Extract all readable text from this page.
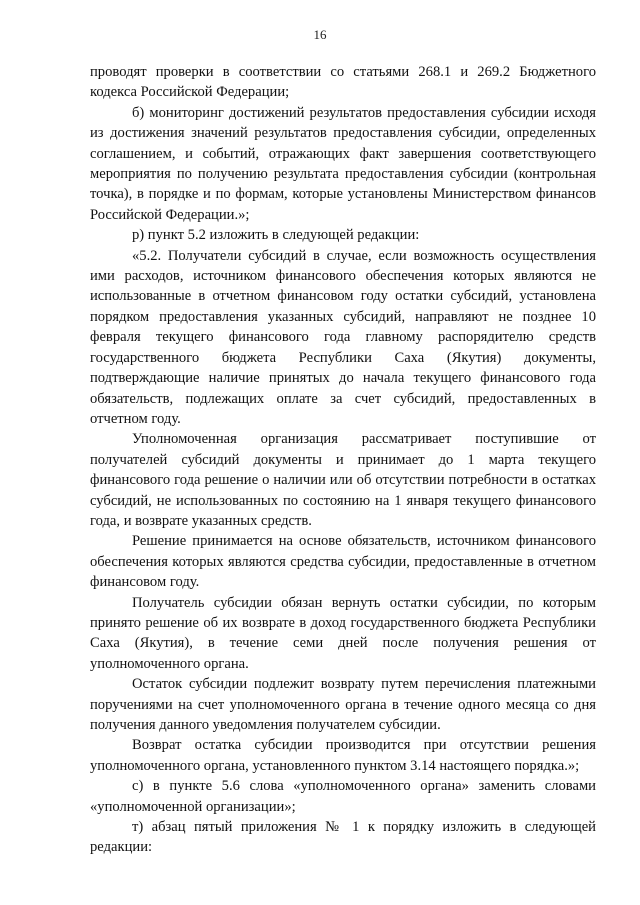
16

проводят проверки в соответствии со статьями 268.1 и 269.2 Бюджетного кодекса Российской Федерации;

б) мониторинг достижений результатов предоставления субсидии исходя из достижения значений результатов предоставления субсидии, определенных соглашением, и событий, отражающих факт завершения соответствующего мероприятия по получению результата предоставления субсидии (контрольная точка), в порядке и по формам, которые установлены Министерством финансов Российской Федерации.»;

р) пункт 5.2 изложить в следующей редакции:

«5.2. Получатели субсидий в случае, если возможность осуществления ими расходов, источником финансового обеспечения которых являются не использованные в отчетном финансовом году остатки субсидий, установлена порядком предоставления указанных субсидий, направляют не позднее 10 февраля текущего финансового года главному распорядителю средств государственного бюджета Республики Саха (Якутия) документы, подтверждающие наличие принятых до начала текущего финансового года обязательств, подлежащих оплате за счет субсидий, предоставленных в отчетном году.

Уполномоченная организация рассматривает поступившие от получателей субсидий документы и принимает до 1 марта текущего финансового года решение о наличии или об отсутствии потребности в остатках субсидий, не использованных по состоянию на 1 января текущего финансового года, и возврате указанных средств.

Решение принимается на основе обязательств, источником финансового обеспечения которых являются средства субсидии, предоставленные в отчетном финансовом году.

Получатель субсидии обязан вернуть остатки субсидии, по которым принято решение об их возврате в доход государственного бюджета Республики Саха (Якутия), в течение семи дней после получения решения от уполномоченного органа.

Остаток субсидии подлежит возврату путем перечисления платежными поручениями на счет уполномоченного органа в течение одного месяца со дня получения данного уведомления получателем субсидии.

Возврат остатка субсидии производится при отсутствии решения уполномоченного органа, установленного пунктом 3.14 настоящего порядка.»;

с) в пункте 5.6 слова «уполномоченного органа» заменить словами «уполномоченной организации»;

т) абзац пятый приложения № 1 к порядку изложить в следующей редакции:
